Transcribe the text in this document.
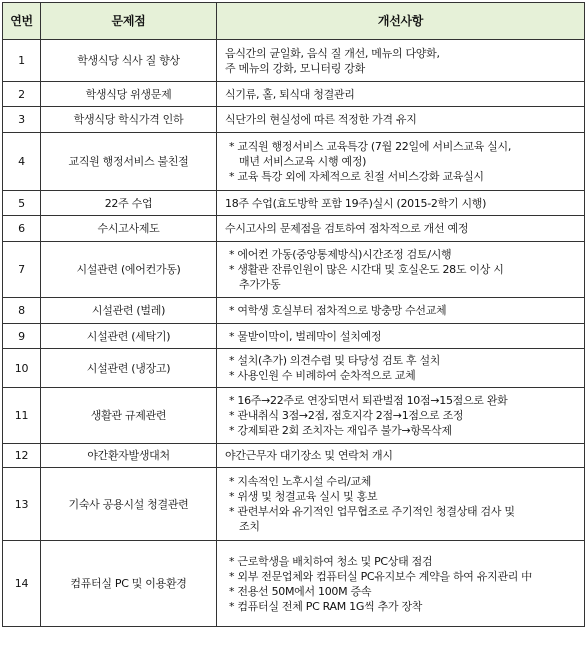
연번	문제점	개선사항
1	학생식당 식사 질 향상	음식간의 균일화, 음식 질 개선, 메뉴의 다양화,
주 메뉴의 강화, 모니터링 강화

2	학생식당 위생문제	식기류, 홀, 퇴식대 청결관리

3	학생식당 학식가격 인하	식단가의 현실성에 따른 적정한 가격 유지

4	교직원 행정서비스 불친절	* 교직원 행정서비스 교육특강 (7월 22일에 서비스교육 실시,
매년 서비스교육 시행 예정)
* 교육 특강 외에 자체적으로 친절 서비스강화 교육실시

5	22주 수업	18주 수업(효도방학 포함 19주)실시 (2015-2학기 시행)

6	수시고사제도	수시고사의 문제점을 검토하여 점차적으로 개선 예정

7	시설관련 (에어컨가동)	* 에어컨 가동(중앙통제방식)시간조정 검토/시행
* 생활관 잔류인원이 많은 시간대 및 호실온도 28도 이상 시
추가가동

8	시설관련 (벌레)	* 여학생 호실부터 점차적으로 방충망 수선교체

9	시설관련 (세탁기)	* 물받이막이, 벌레막이 설치예정

10	시설관련 (냉장고)	* 설치(추가) 의견수렴 및 타당성 검토 후 설치
* 사용인원 수 비례하여 순차적으로 교체

11	생활관 규제관련	* 16주→22주로 연장되면서 퇴관벌점 10점→15점으로 완화
* 관내취식 3점→2점, 점호지각 2점→1점으로 조정
* 강제퇴관 2회 조치자는 재입주 불가→항목삭제

12	야간환자발생대처	야간근무자 대기장소 및 연락처 개시

13	기숙사 공용시설 청결관련	* 지속적인 노후시설 수리/교체
* 위생 및 청결교육 실시 및 홍보
* 관련부서와 유기적인 업무협조로 주기적인 청결상태 검사 및
조치

14	컴퓨터실 PC 및 이용환경	* 근로학생을 배치하여 청소 및 PC상태 점검
* 외부 전문업체와 컴퓨터실 PC유지보수 계약을 하여 유지관리 中
* 전용선 50M에서 100M 증속
* 컴퓨터실 전체 PC RAM 1G씩 추가 장착
